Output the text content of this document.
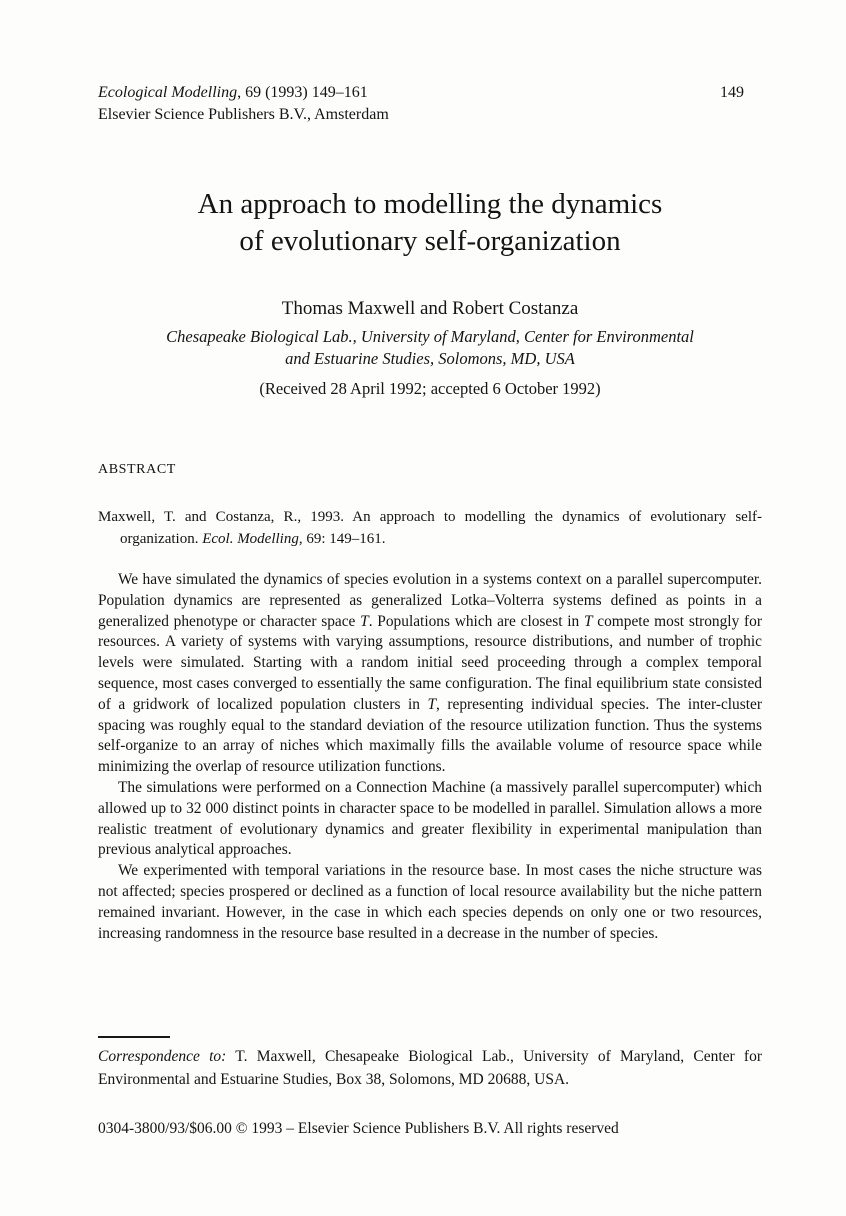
Ecological Modelling, 69 (1993) 149–161
Elsevier Science Publishers B.V., Amsterdam
149
An approach to modelling the dynamics
of evolutionary self-organization
Thomas Maxwell and Robert Costanza
Chesapeake Biological Lab., University of Maryland, Center for Environmental
and Estuarine Studies, Solomons, MD, USA
(Received 28 April 1992; accepted 6 October 1992)
ABSTRACT
Maxwell, T. and Costanza, R., 1993. An approach to modelling the dynamics of evolutionary self-organization. Ecol. Modelling, 69: 149–161.

We have simulated the dynamics of species evolution in a systems context on a parallel supercomputer. Population dynamics are represented as generalized Lotka–Volterra systems defined as points in a generalized phenotype or character space T. Populations which are closest in T compete most strongly for resources. A variety of systems with varying assumptions, resource distributions, and number of trophic levels were simulated. Starting with a random initial seed proceeding through a complex temporal sequence, most cases converged to essentially the same configuration. The final equilibrium state consisted of a gridwork of localized population clusters in T, representing individual species. The inter-cluster spacing was roughly equal to the standard deviation of the resource utilization function. Thus the systems self-organize to an array of niches which maximally fills the available volume of resource space while minimizing the overlap of resource utilization functions.

The simulations were performed on a Connection Machine (a massively parallel supercomputer) which allowed up to 32 000 distinct points in character space to be modelled in parallel. Simulation allows a more realistic treatment of evolutionary dynamics and greater flexibility in experimental manipulation than previous analytical approaches.

We experimented with temporal variations in the resource base. In most cases the niche structure was not affected; species prospered or declined as a function of local resource availability but the niche pattern remained invariant. However, in the case in which each species depends on only one or two resources, increasing randomness in the resource base resulted in a decrease in the number of species.

Correspondence to: T. Maxwell, Chesapeake Biological Lab., University of Maryland, Center for Environmental and Estuarine Studies, Box 38, Solomons, MD 20688, USA.
0304-3800/93/$06.00 © 1993 – Elsevier Science Publishers B.V. All rights reserved
